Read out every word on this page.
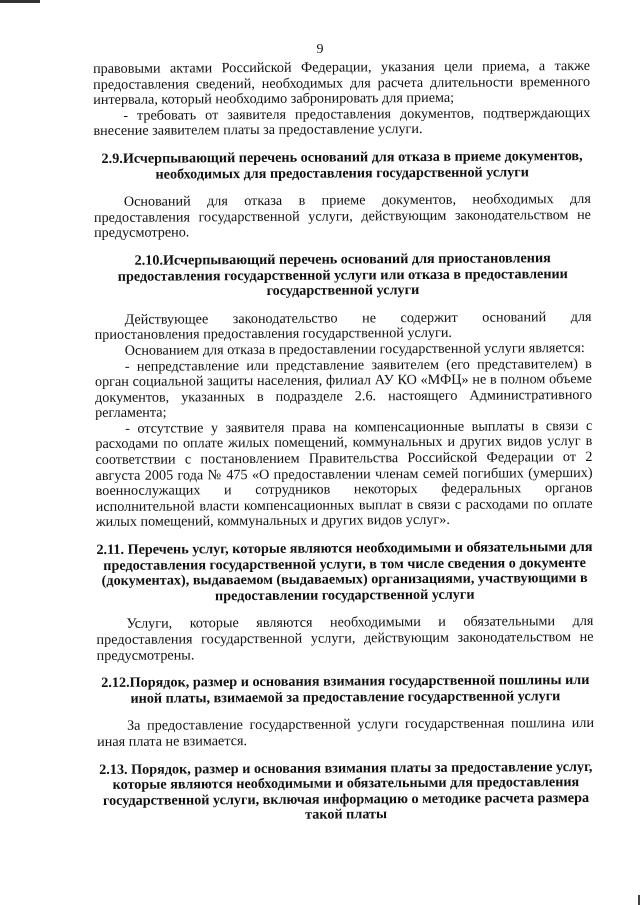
9
правовыми актами Российской Федерации, указания цели приема, а также предоставления сведений, необходимых для расчета длительности временного интервала, который необходимо забронировать для приема;
- требовать от заявителя предоставления документов, подтверждающих внесение заявителем платы за предоставление услуги.
2.9.Исчерпывающий перечень оснований для отказа в приеме документов, необходимых для предоставления государственной услуги
Оснований для отказа в приеме документов, необходимых для предоставления государственной услуги, действующим законодательством не предусмотрено.
2.10.Исчерпывающий перечень оснований для приостановления предоставления государственной услуги или отказа в предоставлении государственной услуги
Действующее законодательство не содержит оснований для приостановления предоставления государственной услуги.
Основанием для отказа в предоставлении государственной услуги является:
- непредставление или представление заявителем (его представителем) в орган социальной защиты населения, филиал АУ КО «МФЦ» не в полном объеме документов, указанных в подразделе 2.6. настоящего Административного регламента;
- отсутствие у заявителя права на компенсационные выплаты в связи с расходами по оплате жилых помещений, коммунальных и других видов услуг в соответствии с постановлением Правительства Российской Федерации от 2 августа 2005 года № 475 «О предоставлении членам семей погибших (умерших) военнослужащих и сотрудников некоторых федеральных органов исполнительной власти компенсационных выплат в связи с расходами по оплате жилых помещений, коммунальных и других видов услуг».
2.11. Перечень услуг, которые являются необходимыми и обязательными для предоставления государственной услуги, в том числе сведения о документе (документах), выдаваемом (выдаваемых) организациями, участвующими в предоставлении государственной услуги
Услуги, которые являются необходимыми и обязательными для предоставления государственной услуги, действующим законодательством не предусмотрены.
2.12.Порядок, размер и основания взимания государственной пошлины или иной платы, взимаемой за предоставление государственной услуги
За предоставление государственной услуги государственная пошлина или иная плата не взимается.
2.13. Порядок, размер и основания взимания платы за предоставление услуг, которые являются необходимыми и обязательными для предоставления государственной услуги, включая информацию о методике расчета размера такой платы
